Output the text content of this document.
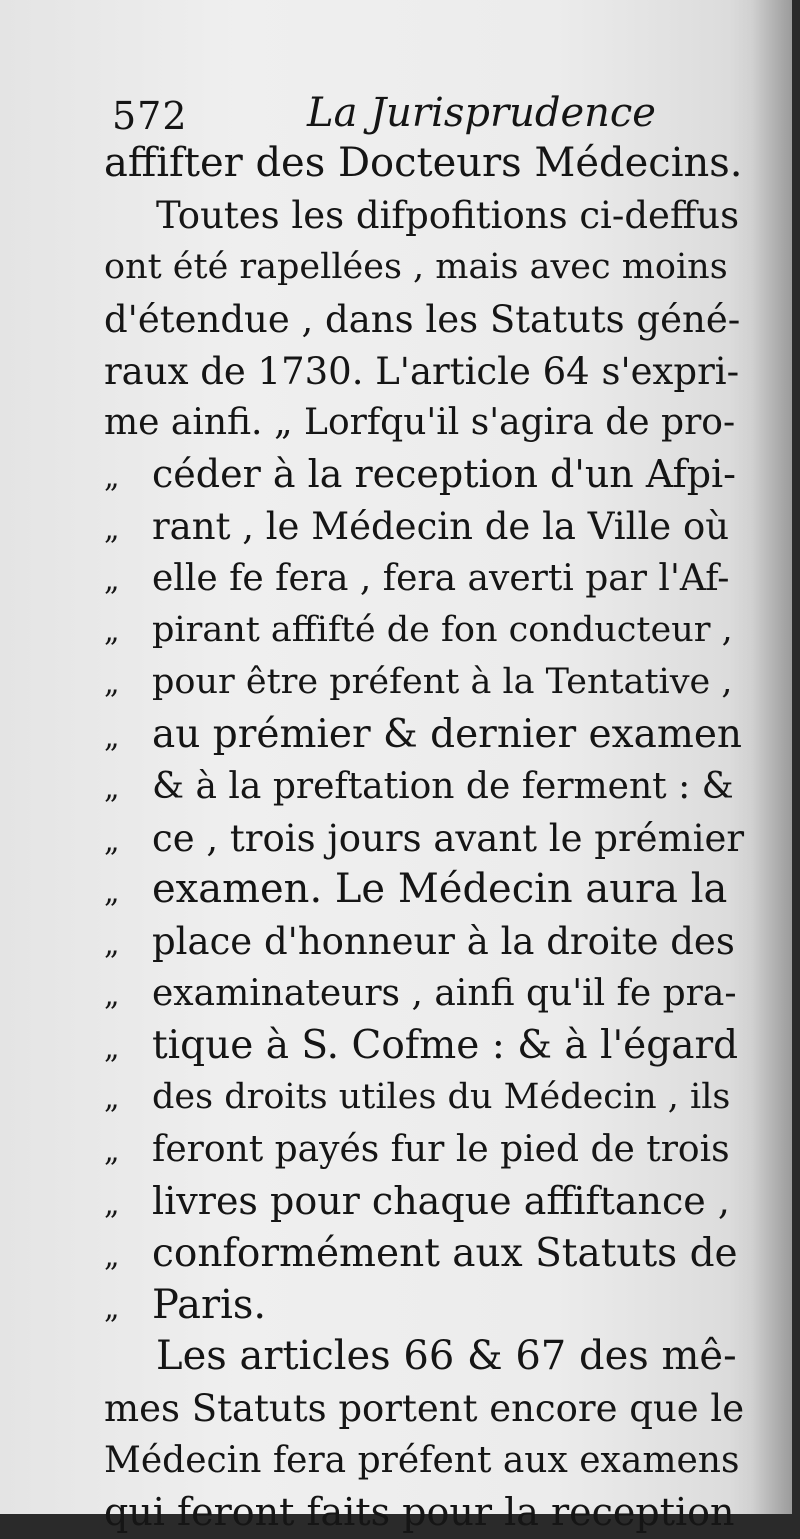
572	La Jurisprudence
affifter des Docteurs Médecins.
Toutes les difpofitions ci-deffus
ont été rapellées , mais avec moins
d'étendue , dans les Statuts géné-
raux de 1730. L'article 64 s'expri-
me ainfi. „ Lorfqu'il s'agira de pro-
„ céder à la reception d'un Afpi-
„ rant , le Médecin de la Ville où
„ elle fe fera , fera averti par l'Af-
„ pirant affifté de fon conducteur ,
„ pour être préfent à la Tentative ,
„ au prémier & dernier examen
„ & à la preftation de ferment : &
„ ce , trois jours avant le prémier
„ examen. Le Médecin aura la
„ place d'honneur à la droite des
„ examinateurs , ainfi qu'il fe pra-
„ tique à S. Cofme : & à l'égard
„ des droits utiles du Médecin , ils
„ feront payés fur le pied de trois
„ livres pour chaque affiftance ,
„ conformément aux Statuts de
„ Paris.
Les articles 66 & 67 des mê-
mes Statuts portent encore que le
Médecin fera préfent aux examens
qui feront faits pour la reception
